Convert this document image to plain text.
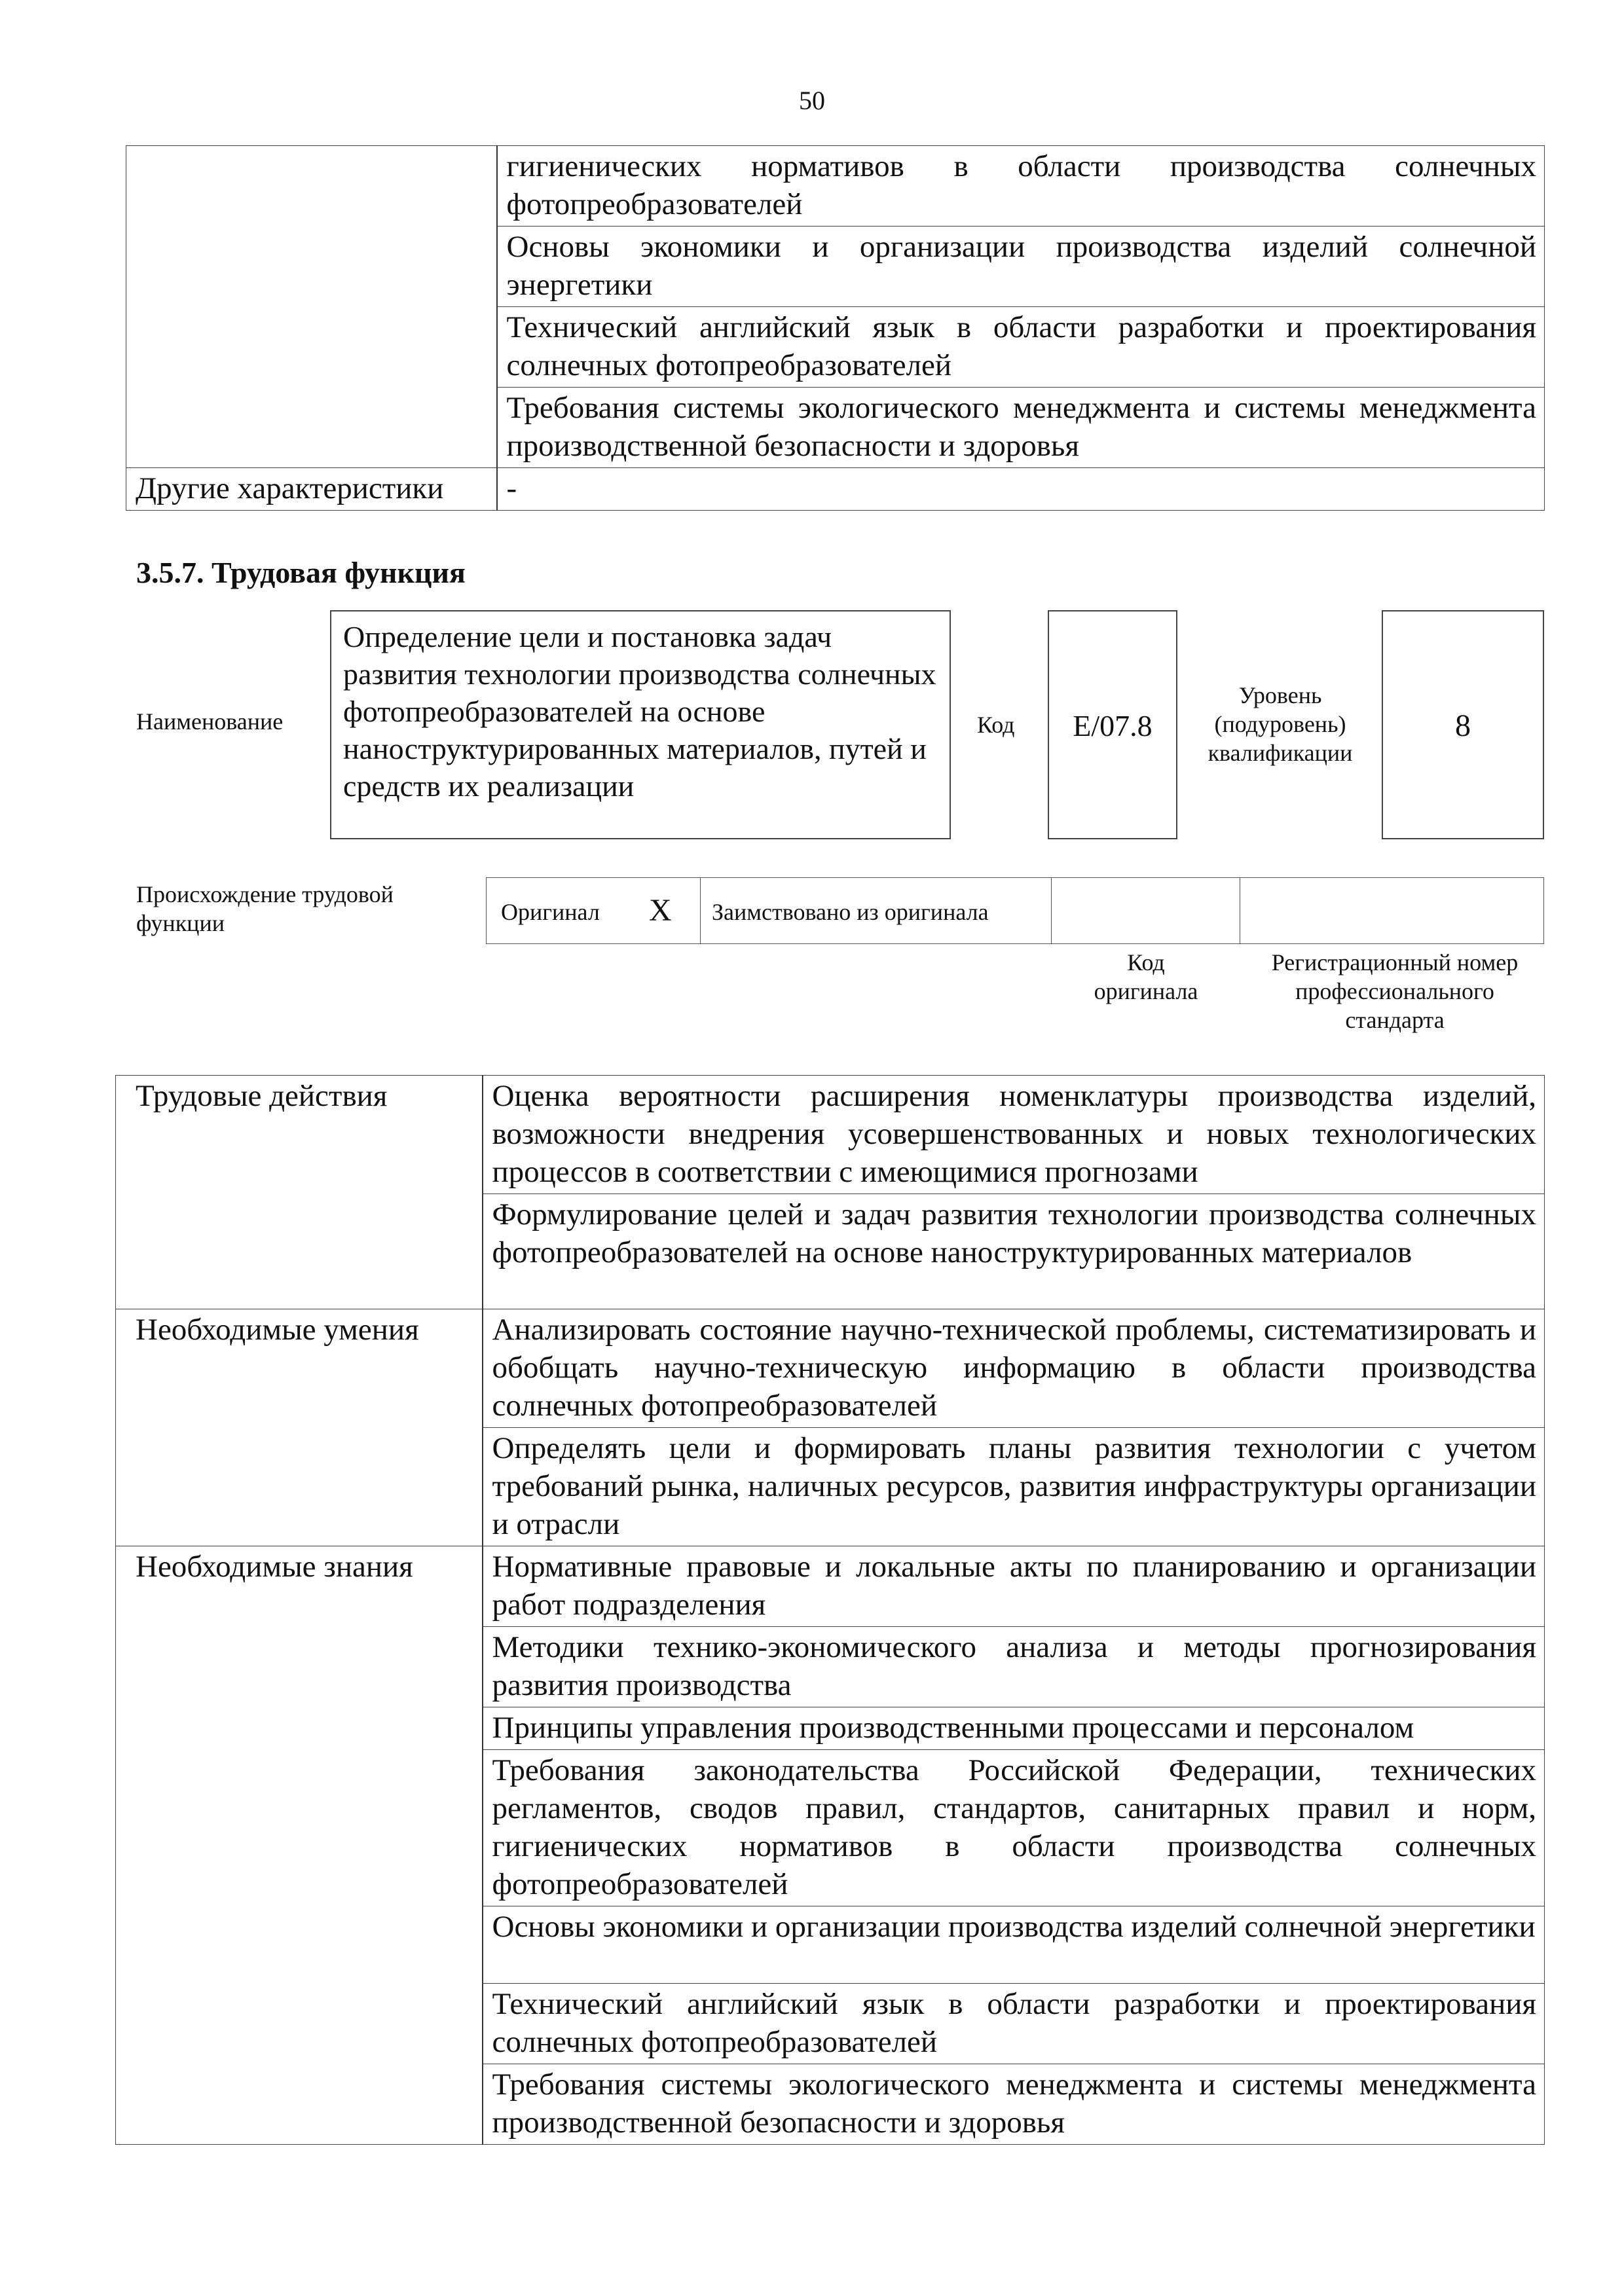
50
	гигиенических нормативов в области производства солнечных фотопреобразователей
	Основы экономики и организации производства изделий солнечной энергетики
	Технический английский язык в области разработки и проектирования солнечных фотопреобразователей
	Требования системы экологического менеджмента и системы менеджмента производственной безопасности и здоровья
Другие характеристики	-
3.5.7. Трудовая функция
Наименование
Определение цели и постановка задач развития технологии производства солнечных фотопреобразователей на основе наноструктурированных материалов, путей и средств их реализации
Код	E/07.8
Уровень (подуровень) квалификации
8
Происхождение трудовой функции	Оригинал X Заимствовано из оригинала
Код оригинала
Регистрационный номер профессионального стандарта
Трудовые действия	Оценка вероятности расширения номенклатуры производства изделий, возможности внедрения усовершенствованных и новых технологических процессов в соответствии с имеющимися прогнозами
	Формулирование целей и задач развития технологии производства солнечных фотопреобразователей на основе наноструктурированных материалов
Необходимые умения	Анализировать состояние научно-технической проблемы, систематизировать и обобщать научно-техническую информацию в области производства солнечных фотопреобразователей
	Определять цели и формировать планы развития технологии с учетом требований рынка, наличных ресурсов, развития инфраструктуры организации и отрасли
Необходимые знания	Нормативные правовые и локальные акты по планированию и организации работ подразделения
	Методики технико-экономического анализа и методы прогнозирования развития производства
	Принципы управления производственными процессами и персоналом
	Требования законодательства Российской Федерации, технических регламентов, сводов правил, стандартов, санитарных правил и норм, гигиенических нормативов в области производства солнечных фотопреобразователей
	Основы экономики и организации производства изделий солнечной энергетики
	Технический английский язык в области разработки и проектирования солнечных фотопреобразователей
	Требования системы экологического менеджмента и системы менеджмента производственной безопасности и здоровья
